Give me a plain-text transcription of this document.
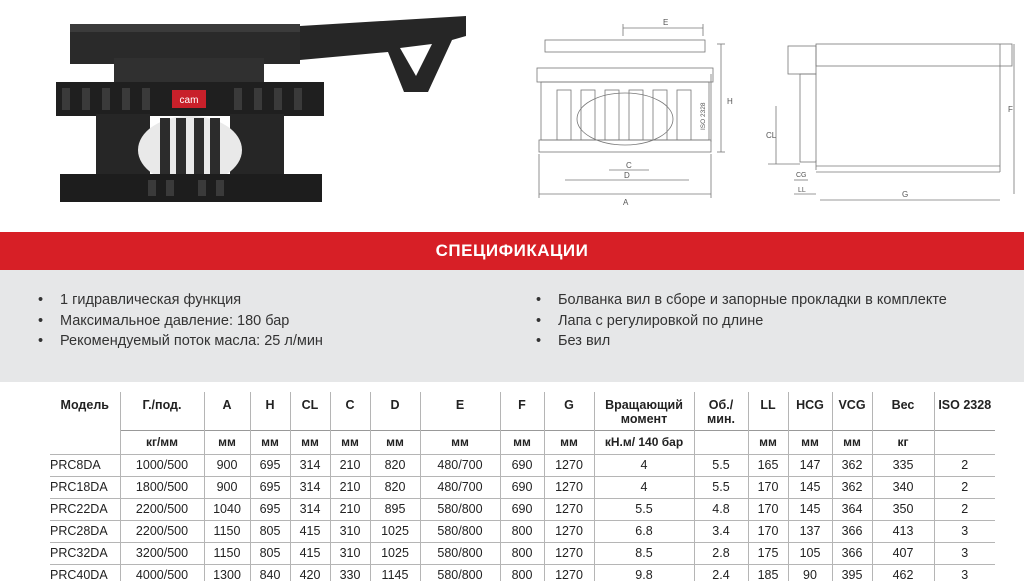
cam
E
H
ISO 2328
C
D
A
CL
CG
LL	G
F
СПЕЦИФИКАЦИИ
• 1 гидравлическая функция
• Максимальное давление: 180 бар
• Рекомендуемый поток масла: 25 л/мин
• Болванка вил в сборе и запорные прокладки в комплекте
• Лапа с регулировкой по длине
• Без вил
Модель	Г./под.	A	H	CL	C	D	E	F	G	Вращающий момент	Об./ мин.	LL	HCG	VCG	Вес	ISO 2328
	кг/мм	мм	мм	мм	мм	мм	мм	мм	мм	кН.м/ 140 бар		мм	мм	мм	кг	
PRC8DA	1000/500	900	695	314	210	820	480/700	690	1270	4	5.5	165	147	362	335	2
PRC18DA	1800/500	900	695	314	210	820	480/700	690	1270	4	5.5	170	145	362	340	2
PRC22DA	2200/500	1040	695	314	210	895	580/800	690	1270	5.5	4.8	170	145	364	350	2
PRC28DA	2200/500	1150	805	415	310	1025	580/800	800	1270	6.8	3.4	170	137	366	413	3
PRC32DA	3200/500	1150	805	415	310	1025	580/800	800	1270	8.5	2.8	175	105	366	407	3
PRC40DA	4000/500	1300	840	420	330	1145	580/800	800	1270	9.8	2.4	185	90	395	462	3
